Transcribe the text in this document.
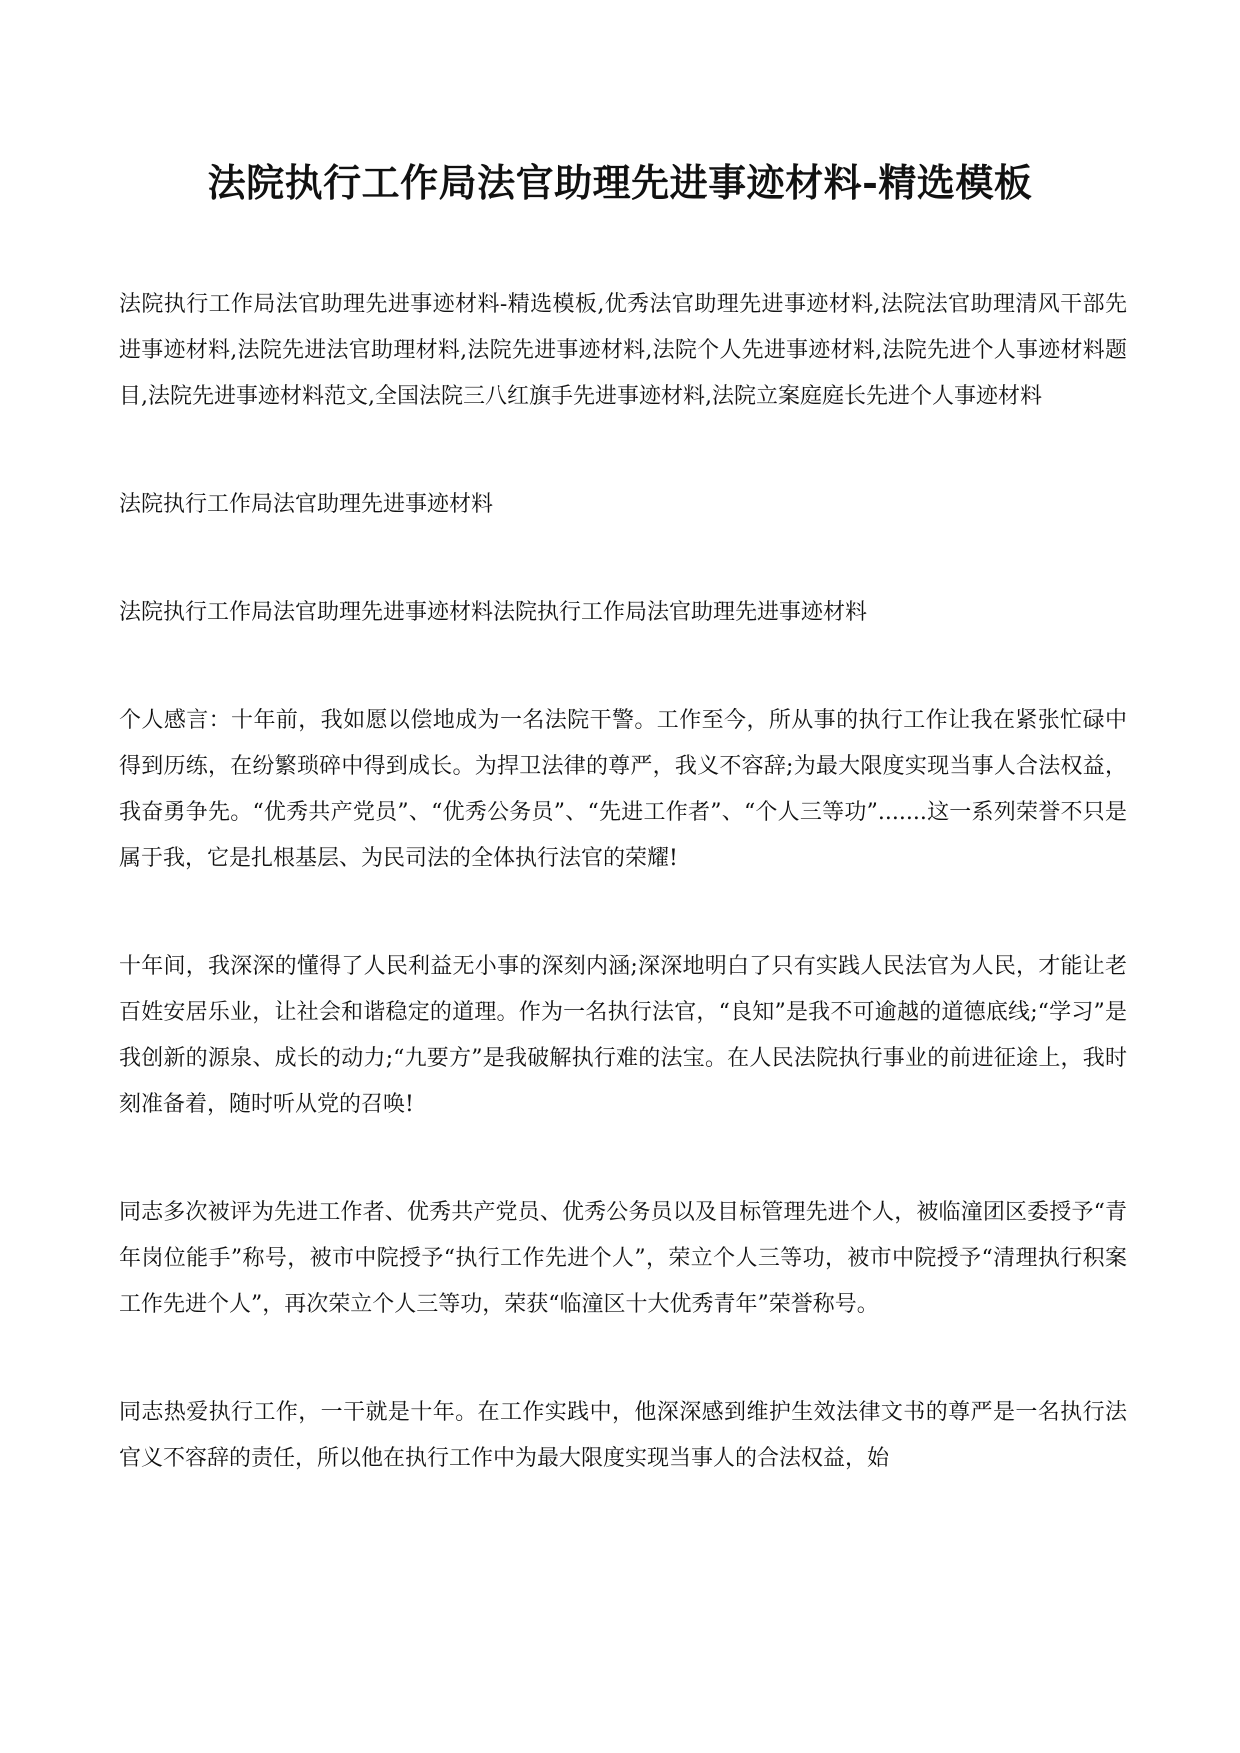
法院执行工作局法官助理先进事迹材料-精选模板

法院执行工作局法官助理先进事迹材料-精选模板,优秀法官助理先进事迹材料,法院法官助理清风干部先进事迹材料,法院先进法官助理材料,法院先进事迹材料,法院个人先进事迹材料,法院先进个人事迹材料题目,法院先进事迹材料范文,全国法院三八红旗手先进事迹材料,法院立案庭庭长先进个人事迹材料

法院执行工作局法官助理先进事迹材料

法院执行工作局法官助理先进事迹材料法院执行工作局法官助理先进事迹材料

个人感言：十年前，我如愿以偿地成为一名法院干警。工作至今，所从事的执行工作让我在紧张忙碌中得到历练，在纷繁琐碎中得到成长。为捍卫法律的尊严，我义不容辞;为最大限度实现当事人合法权益，我奋勇争先。“优秀共产党员”、“优秀公务员”、“先进工作者”、“个人三等功”.......这一系列荣誉不只是属于我，它是扎根基层、为民司法的全体执行法官的荣耀!

十年间，我深深的懂得了人民利益无小事的深刻内涵;深深地明白了只有实践人民法官为人民，才能让老百姓安居乐业，让社会和谐稳定的道理。作为一名执行法官，“良知”是我不可逾越的道德底线;“学习”是我创新的源泉、成长的动力;“九要方”是我破解执行难的法宝。在人民法院执行事业的前进征途上，我时刻准备着，随时听从党的召唤!

同志多次被评为先进工作者、优秀共产党员、优秀公务员以及目标管理先进个人，被临潼团区委授予“青年岗位能手”称号，被市中院授予“执行工作先进个人”，荣立个人三等功，被市中院授予“清理执行积案工作先进个人”，再次荣立个人三等功，荣获“临潼区十大优秀青年”荣誉称号。

同志热爱执行工作，一干就是十年。在工作实践中，他深深感到维护生效法律文书的尊严是一名执行法官义不容辞的责任，所以他在执行工作中为最大限度实现当事人的合法权益，始
